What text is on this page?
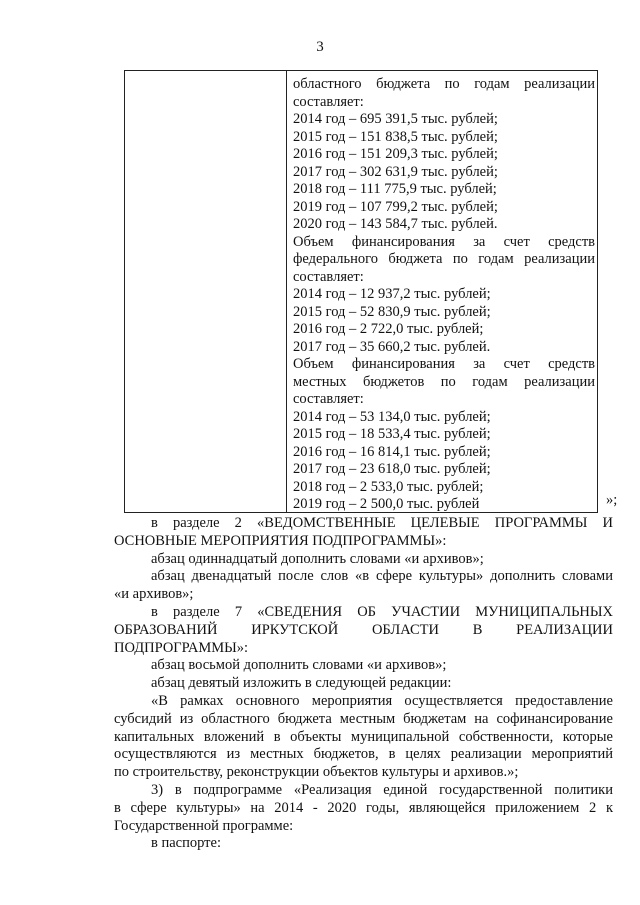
3
областного бюджета по годам реализации
составляет:
2014 год – 695 391,5 тыс. рублей;
2015 год – 151 838,5 тыс. рублей;
2016 год – 151 209,3 тыс. рублей;
2017 год – 302 631,9 тыс. рублей;
2018 год – 111 775,9 тыс. рублей;
2019 год – 107 799,2 тыс. рублей;
2020 год – 143 584,7 тыс. рублей.
Объем финансирования за счет средств
федерального бюджета по годам реализации
составляет:
2014 год – 12 937,2 тыс. рублей;
2015 год – 52 830,9 тыс. рублей;
2016 год – 2 722,0 тыс. рублей;
2017 год – 35 660,2 тыс. рублей.
Объем финансирования за счет средств
местных бюджетов по годам реализации
составляет:
2014 год – 53 134,0 тыс. рублей;
2015 год – 18 533,4 тыс. рублей;
2016 год – 16 814,1 тыс. рублей;
2017 год – 23 618,0 тыс. рублей;
2018 год – 2 533,0 тыс. рублей;
2019 год – 2 500,0 тыс. рублей	»;
в разделе 2 «ВЕДОМСТВЕННЫЕ ЦЕЛЕВЫЕ ПРОГРАММЫ И
ОСНОВНЫЕ МЕРОПРИЯТИЯ ПОДПРОГРАММЫ»:
абзац одиннадцатый дополнить словами «и архивов»;
абзац двенадцатый после слов «в сфере культуры» дополнить словами
«и архивов»;
в разделе 7 «СВЕДЕНИЯ ОБ УЧАСТИИ МУНИЦИПАЛЬНЫХ
ОБРАЗОВАНИЙ ИРКУТСКОЙ ОБЛАСТИ В РЕАЛИЗАЦИИ
ПОДПРОГРАММЫ»:
абзац восьмой дополнить словами «и архивов»;
абзац девятый изложить в следующей редакции:
«В рамках основного мероприятия осуществляется предоставление
субсидий из областного бюджета местным бюджетам на софинансирование
капитальных вложений в объекты муниципальной собственности, которые
осуществляются из местных бюджетов, в целях реализации мероприятий
по строительству, реконструкции объектов культуры и архивов.»;
3) в подпрограмме «Реализация единой государственной политики
в сфере культуры» на 2014 - 2020 годы, являющейся приложением 2 к
Государственной программе:
в паспорте:
